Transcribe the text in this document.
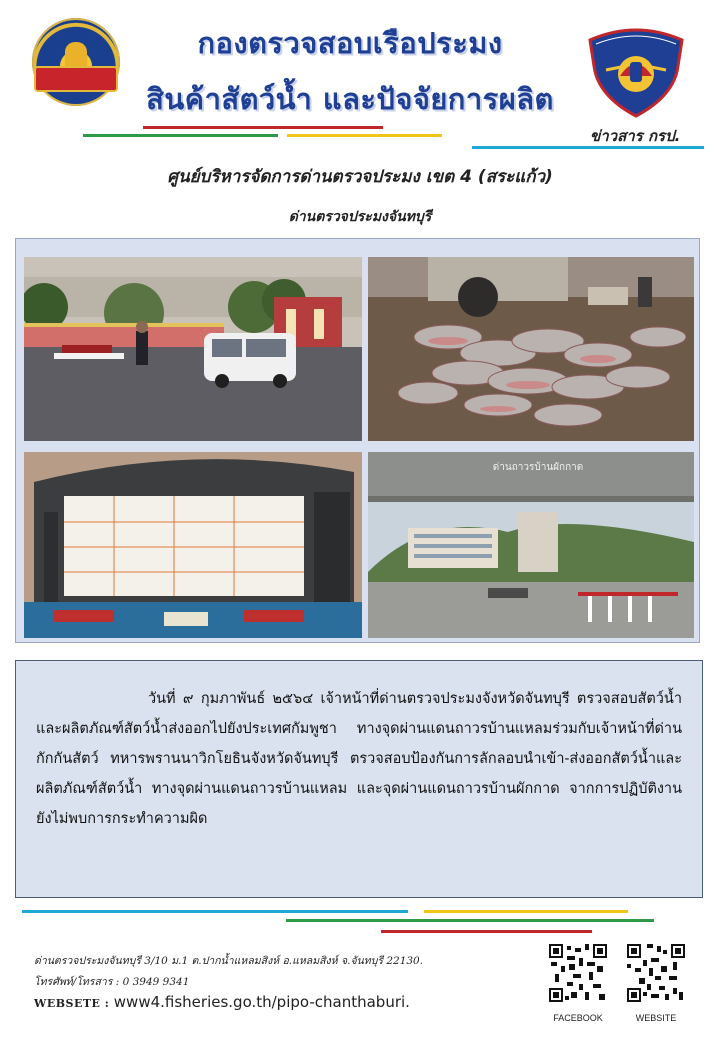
กองตรวจสอบเรือประมง
สินค้าสัตว์น้ำ และปัจจัยการผลิต
ข่าวสาร กรป.
ศูนย์บริหารจัดการด่านตรวจประมง เขต 4 (สระแก้ว)
ด่านตรวจประมงจันทบุรี
ด่านถาวรบ้านผักกาด

วันที่ ๙ กุมภาพันธ์ ๒๕๖๔ เจ้าหน้าที่ด่านตรวจประมงจังหวัดจันทบุรี ตรวจสอบสัตว์น้ำและผลิตภัณฑ์สัตว์น้ำส่งออกไปยังประเทศกัมพูชา ทางจุดผ่านแดนถาวรบ้านแหลมร่วมกับเจ้าหน้าที่ด่านกักกันสัตว์ ทหารพรานนาวิกโยธินจังหวัดจันทบุรี ตรวจสอบป้องกันการลักลอบนำเข้า-ส่งออกสัตว์น้ำและผลิตภัณฑ์สัตว์น้ำ ทางจุดผ่านแดนถาวรบ้านแหลม และจุดผ่านแดนถาวรบ้านผักกาด จากการปฏิบัติงานยังไม่พบการกระทำความผิด

ด่านตรวจประมงจันทบุรี 3/10 ม.1 ต.ปากน้ำแหลมสิงห์ อ.แหลมสิงห์ จ.จันทบุรี 22130.
โทรศัพท์/โทรสาร : 0 3949 9341
WEBSETE : www4.fisheries.go.th/pipo-chanthaburi.
FACEBOOK	WEBSITE
